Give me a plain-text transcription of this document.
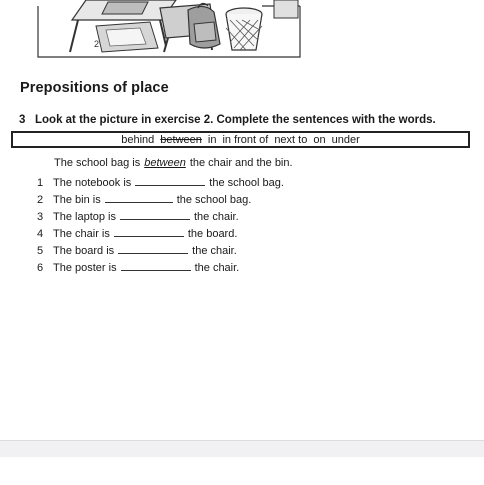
2
Prepositions of place
3 Look at the picture in exercise 2. Complete the sentences with the words.
behind between in in front of next to on under
The school bag is between the chair and the bin.
1 The notebook is	the school bag.
2 The bin is	the school bag.
3 The laptop is	the chair.
4 The chair is	the board.
5 The board is	the chair.
6 The poster is	the chair.
